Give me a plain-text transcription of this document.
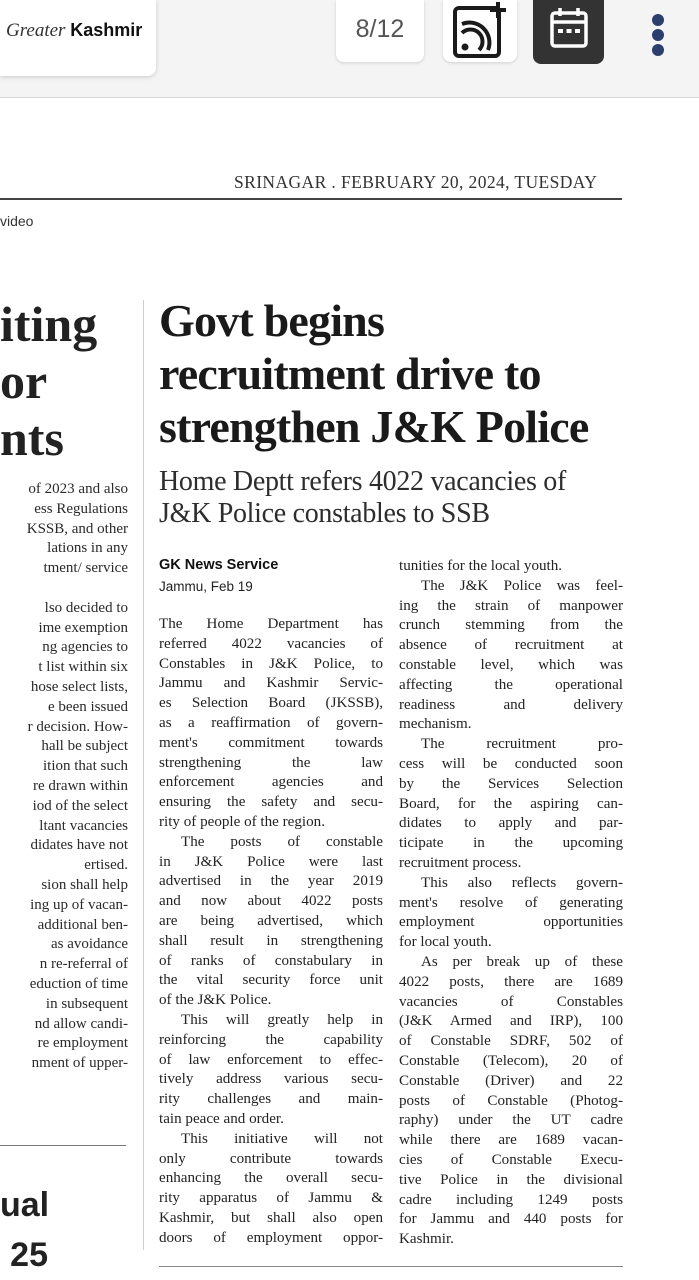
Greater Kashmir	8/12
SRINAGAR . FEBRUARY 20, 2024, TUESDAY
video
iting
or
nts
of 2023 and also
ess Regulations
KSSB, and other
lations in any
tment/ service

lso decided to
ime exemption
ng agencies to
t list within six
hose select lists,
e been issued
r decision. How-
hall be subject
ition that such
re drawn within
iod of the select
ltant vacancies
didates have not
ertised.
sion shall help
ing up of vacan-
additional ben-
as avoidance
n re-referral of
eduction of time
in subsequent
nd allow candi-
re employment
nment of upper-
ual
25
Govt begins
recruitment drive to
strengthen J&K Police
Home Deptt refers 4022 vacancies of
J&K Police constables to SSB
GK News Service
Jammu, Feb 19

The Home Department has

referred 4022 vacancies of

Constables in J&K Police, to

Jammu and Kashmir Servic-

es Selection Board (JKSSB),

as a reaffirmation of govern-

ment's commitment towards

strengthening the law

enforcement agencies and

ensuring the safety and secu-

rity of people of the region.

The posts of constable

in J&K Police were last

advertised in the year 2019

and now about 4022 posts

are being advertised, which

shall result in strengthening

of ranks of constabulary in

the vital security force unit

of the J&K Police.

This will greatly help in

reinforcing the capability

of law enforcement to effec-

tively address various secu-

rity challenges and main-

tain peace and order.

This initiative will not

only contribute towards

enhancing the overall secu-

rity apparatus of Jammu &

Kashmir, but shall also open

doors of employment oppor-

tunities for the local youth.

The J&K Police was feel-

ing the strain of manpower

crunch stemming from the

absence of recruitment at

constable level, which was

affecting the operational

readiness and delivery

mechanism.

The recruitment pro-

cess will be conducted soon

by the Services Selection

Board, for the aspiring can-

didates to apply and par-

ticipate in the upcoming

recruitment process.

This also reflects govern-

ment's resolve of generating

employment opportunities

for local youth.

As per break up of these

4022 posts, there are 1689

vacancies of Constables

(J&K Armed and IRP), 100

of Constable SDRF, 502 of

Constable (Telecom), 20 of

Constable (Driver) and 22

posts of Constable (Photog-

raphy) under the UT cadre

while there are 1689 vacan-

cies of Constable Execu-

tive Police in the divisional

cadre including 1249 posts

for Jammu and 440 posts for

Kashmir.
